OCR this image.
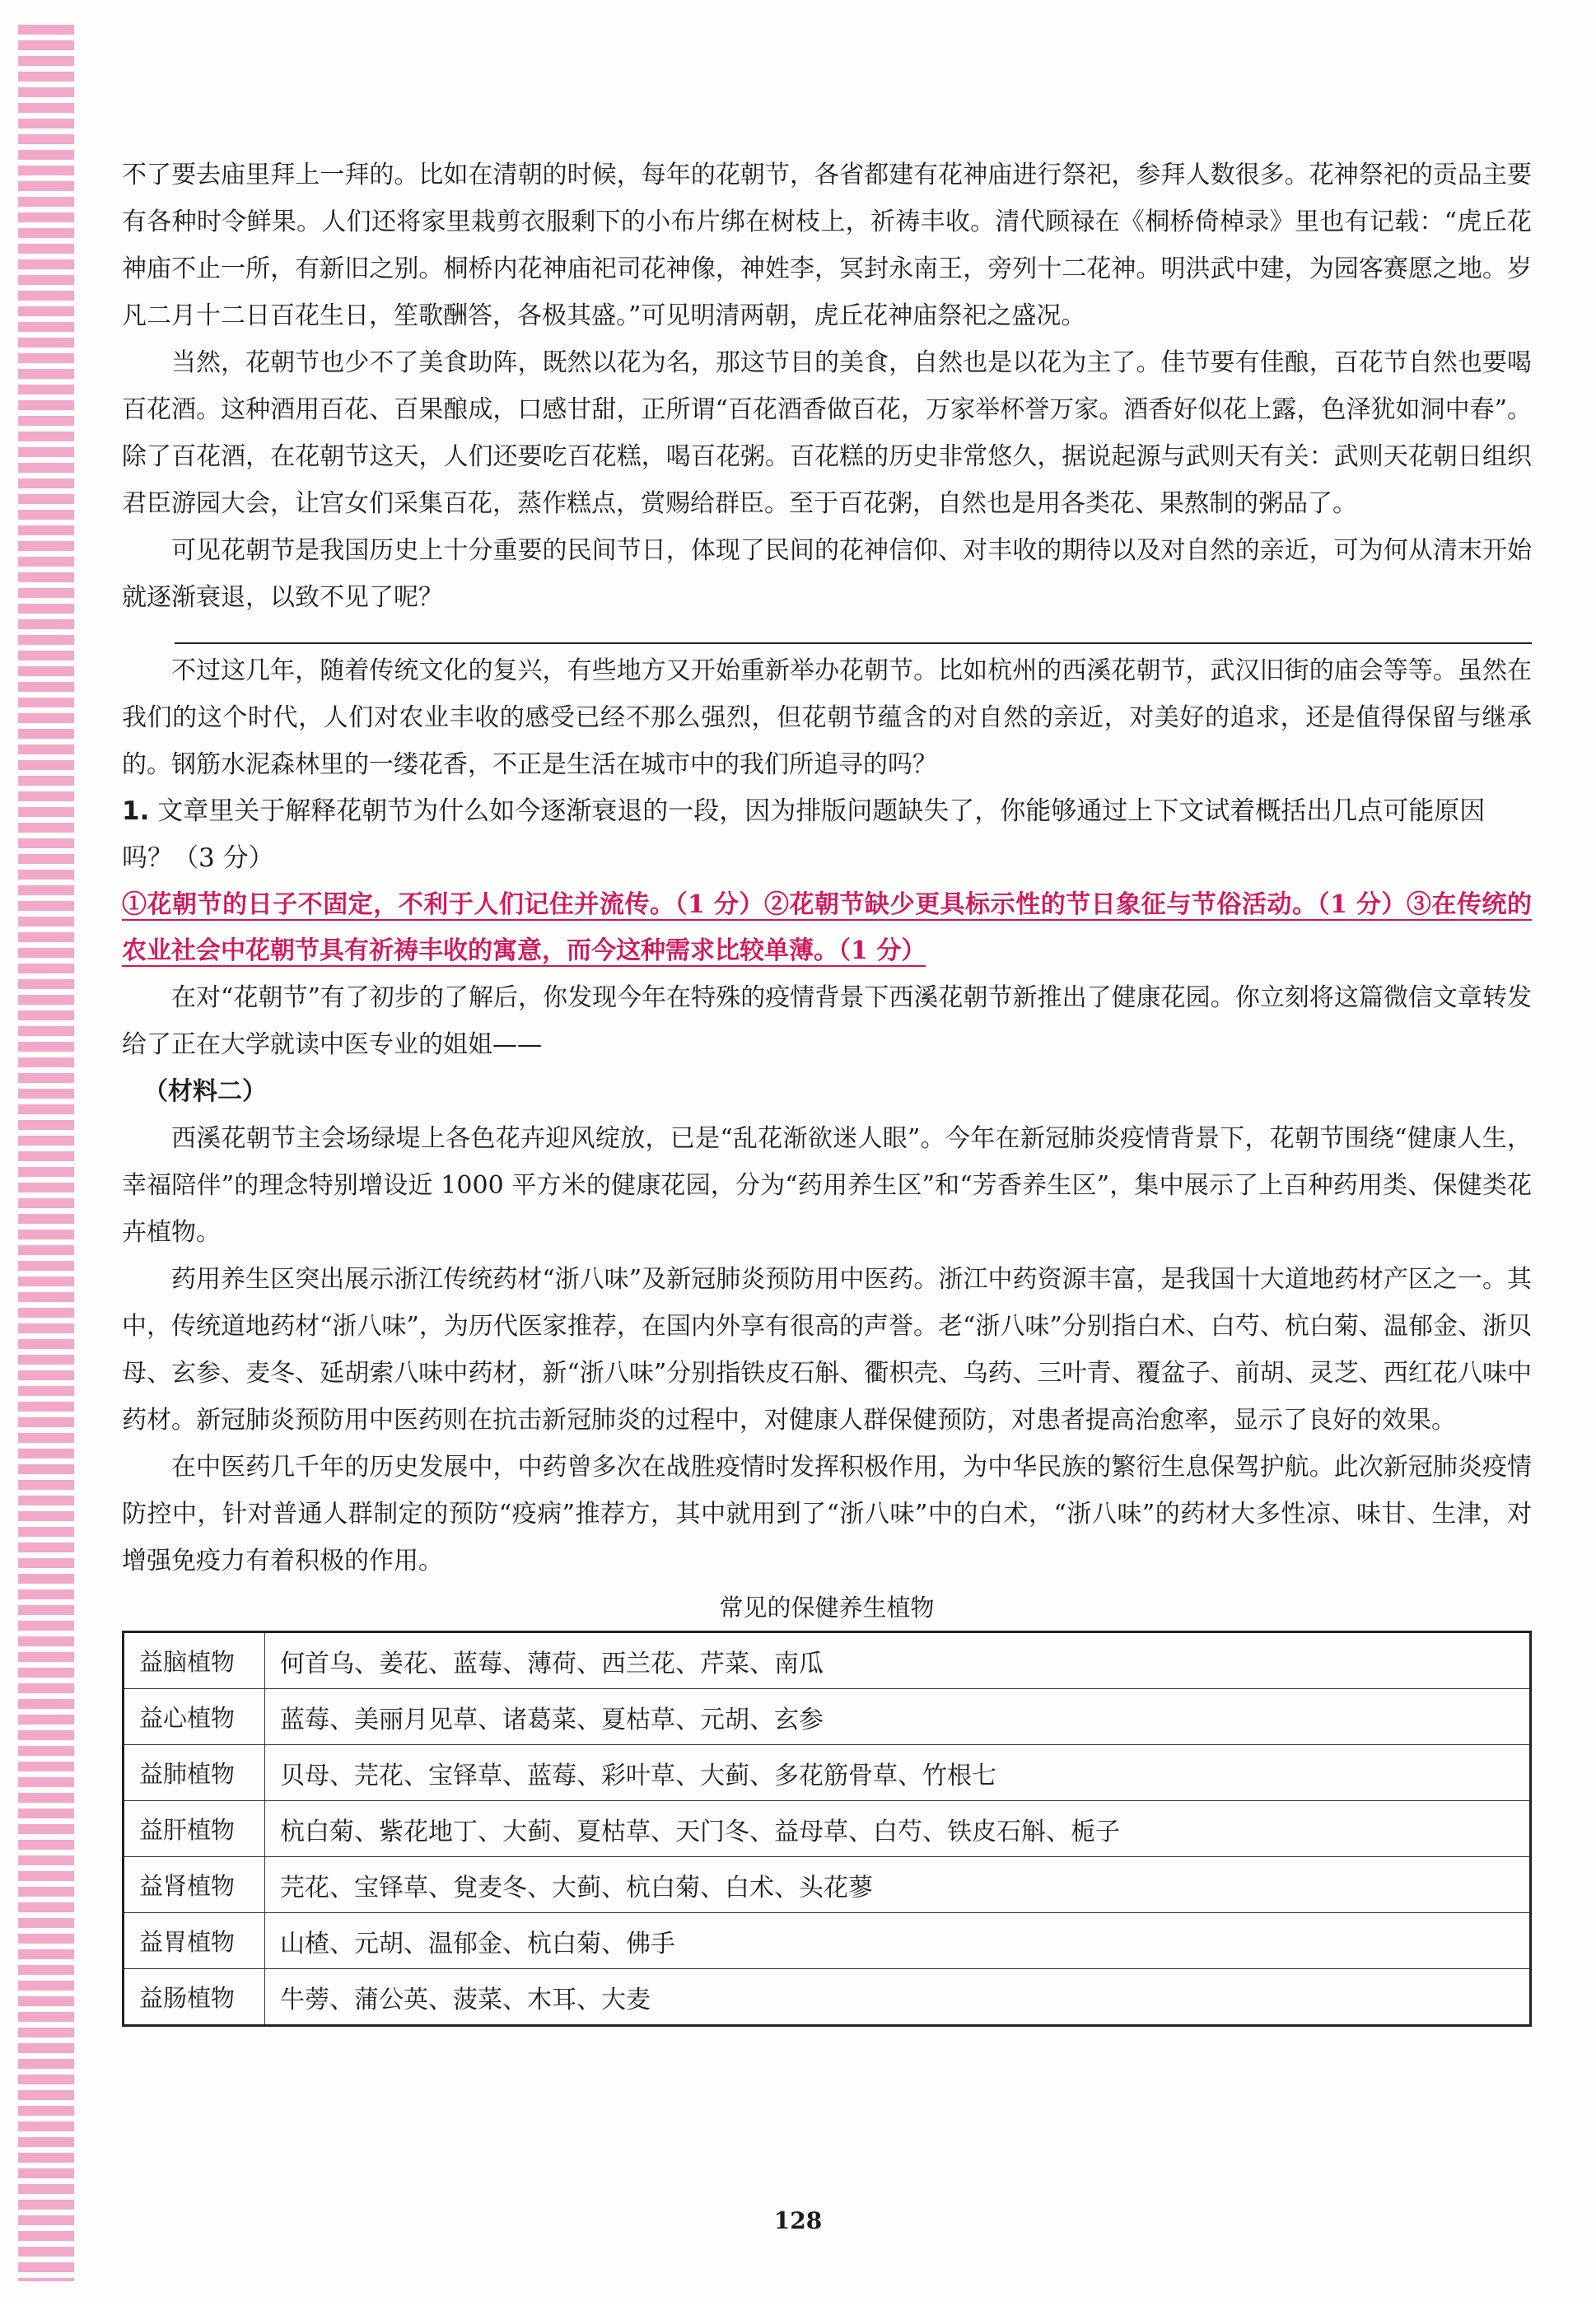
不了要去庙里拜上一拜的。比如在清朝的时候，每年的花朝节，各省都建有花神庙进行祭祀，参拜人数很多。花神祭祀的贡品主要有各种时令鲜果。人们还将家里栽剪衣服剩下的小布片绑在树枝上，祈祷丰收。清代顾禄在《桐桥倚棹录》里也有记载：“虎丘花神庙不止一所，有新旧之别。桐桥内花神庙祀司花神像，神姓李，冥封永南王，旁列十二花神。明洪武中建，为园客赛愿之地。岁凡二月十二日百花生日，笙歌酬答，各极其盛。”可见明清两朝，虎丘花神庙祭祀之盛况。

当然，花朝节也少不了美食助阵，既然以花为名，那这节目的美食，自然也是以花为主了。佳节要有佳酿，百花节自然也要喝百花酒。这种酒用百花、百果酿成，口感甘甜，正所谓“百花酒香做百花，万家举杯誉万家。酒香好似花上露，色泽犹如洞中春”。除了百花酒，在花朝节这天，人们还要吃百花糕，喝百花粥。百花糕的历史非常悠久，据说起源与武则天有关：武则天花朝日组织君臣游园大会，让宫女们采集百花，蒸作糕点，赏赐给群臣。至于百花粥，自然也是用各类花、果熬制的粥品了。

可见花朝节是我国历史上十分重要的民间节日，体现了民间的花神信仰、对丰收的期待以及对自然的亲近，可为何从清末开始就逐渐衰退，以致不见了呢？

不过这几年，随着传统文化的复兴，有些地方又开始重新举办花朝节。比如杭州的西溪花朝节，武汉旧街的庙会等等。虽然在我们的这个时代，人们对农业丰收的感受已经不那么强烈，但花朝节蕴含的对自然的亲近，对美好的追求，还是值得保留与继承的。钢筋水泥森林里的一缕花香，不正是生活在城市中的我们所追寻的吗？

1. 文章里关于解释花朝节为什么如今逐渐衰退的一段，因为排版问题缺失了，你能够通过上下文试着概括出几点可能原因吗？（3 分）

①花朝节的日子不固定，不利于人们记住并流传。（1 分）②花朝节缺少更具标示性的节日象征与节俗活动。（1 分）③在传统的农业社会中花朝节具有祈祷丰收的寓意，而今这种需求比较单薄。（1 分）

在对“花朝节”有了初步的了解后，你发现今年在特殊的疫情背景下西溪花朝节新推出了健康花园。你立刻将这篇微信文章转发给了正在大学就读中医专业的姐姐——

（材料二）

西溪花朝节主会场绿堤上各色花卉迎风绽放，已是“乱花渐欲迷人眼”。今年在新冠肺炎疫情背景下，花朝节围绕“健康人生，幸福陪伴”的理念特别增设近 1000 平方米的健康花园，分为“药用养生区”和“芳香养生区”，集中展示了上百种药用类、保健类花卉植物。

药用养生区突出展示浙江传统药材“浙八味”及新冠肺炎预防用中医药。浙江中药资源丰富，是我国十大道地药材产区之一。其中，传统道地药材“浙八味”，为历代医家推荐，在国内外享有很高的声誉。老“浙八味”分别指白术、白芍、杭白菊、温郁金、浙贝母、玄参、麦冬、延胡索八味中药材，新“浙八味”分别指铁皮石斛、衢枳壳、乌药、三叶青、覆盆子、前胡、灵芝、西红花八味中药材。新冠肺炎预防用中医药则在抗击新冠肺炎的过程中，对健康人群保健预防，对患者提高治愈率，显示了良好的效果。

在中医药几千年的历史发展中，中药曾多次在战胜疫情时发挥积极作用，为中华民族的繁衍生息保驾护航。此次新冠肺炎疫情防控中，针对普通人群制定的预防“疫病”推荐方，其中就用到了“浙八味”中的白术，“浙八味”的药材大多性凉、味甘、生津，对增强免疫力有着积极的作用。

常见的保健养生植物

益脑植物	何首乌、姜花、蓝莓、薄荷、西兰花、芹菜、南瓜
益心植物	蓝莓、美丽月见草、诸葛菜、夏枯草、元胡、玄参
益肺植物	贝母、芫花、宝铎草、蓝莓、彩叶草、大蓟、多花筋骨草、竹根七
益肝植物	杭白菊、紫花地丁、大蓟、夏枯草、天门冬、益母草、白芍、铁皮石斛、栀子
益肾植物	芫花、宝铎草、覍麦冬、大蓟、杭白菊、白术、头花蓼
益胃植物	山楂、元胡、温郁金、杭白菊、佛手
益肠植物	牛蒡、蒲公英、菠菜、木耳、大麦
128
